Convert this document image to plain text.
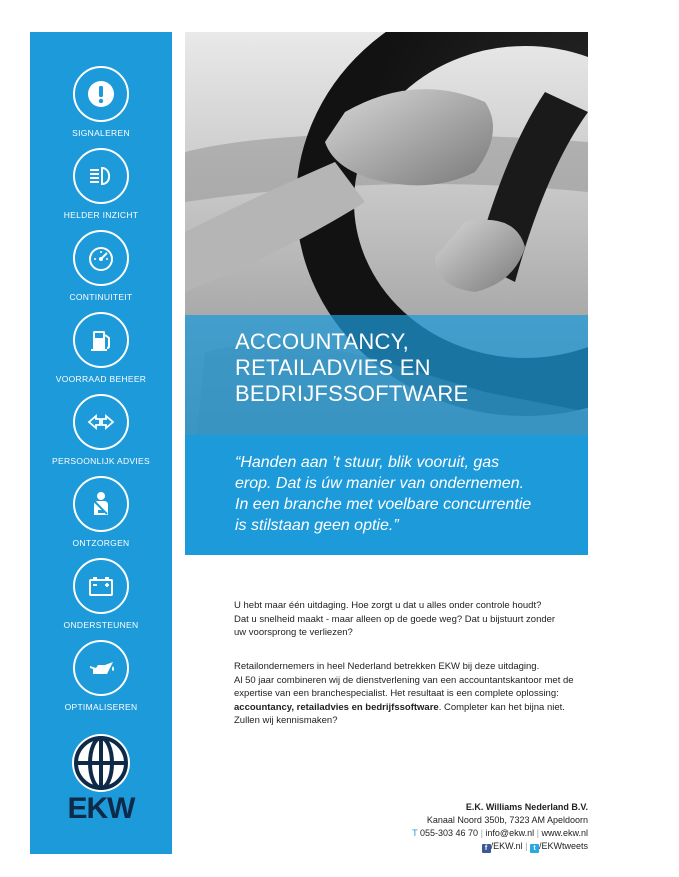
SIGNALEREN
HELDER INZICHT
CONTINUITEIT
VOORRAAD BEHEER
PERSOONLIJK ADVIES
ONTZORGEN
ONDERSTEUNEN
OPTIMALISEREN
EKW
ACCOUNTANCY,
RETAILADVIES EN
BEDRIJFSSOFTWARE
“Handen aan ’t stuur, blik vooruit, gas
erop. Dat is úw manier van ondernemen.
In een branche met voelbare concurrentie
is stilstaan geen optie.”
U hebt maar één uitdaging. Hoe zorgt u dat u alles onder controle houdt?
Dat u snelheid maakt - maar alleen op de goede weg? Dat u bijstuurt zonder
uw voorsprong te verliezen?
Retailondernemers in heel Nederland betrekken EKW bij deze uitdaging.
Al 50 jaar combineren wij de dienstverlening van een accountantskantoor met de
expertise van een branchespecialist. Het resultaat is een complete oplossing:
accountancy, retailadvies en bedrijfssoftware. Completer kan het bijna niet.
Zullen wij kennismaken?
E.K. Williams Nederland B.V.
Kanaal Noord 350b, 7323 AM Apeldoorn
T 055-303 46 70 | info@ekw.nl | www.ekw.nl
f /EKW.nl | t /EKWtweets
